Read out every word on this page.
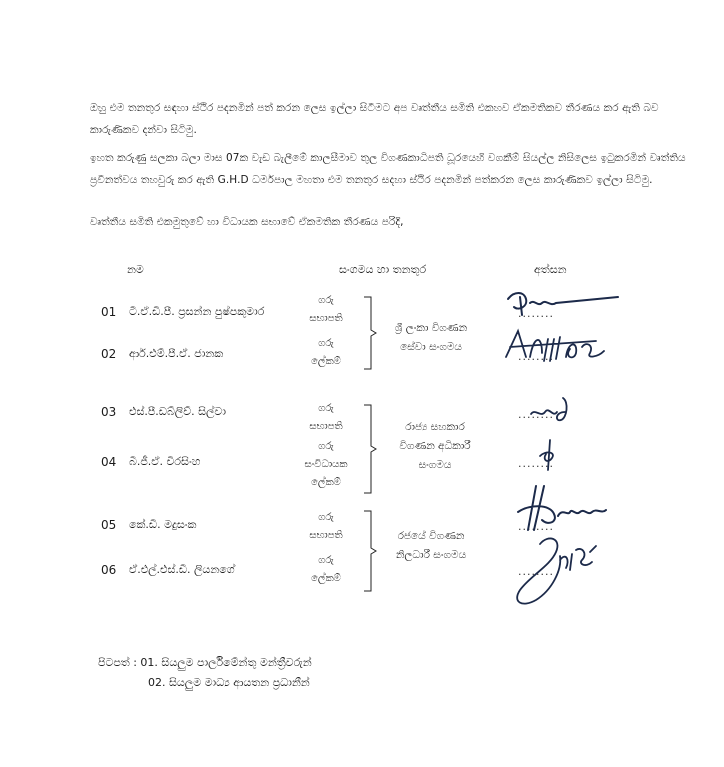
ඔහු එම තනතුර සඳහා ස්ථිර පදනමින් පත් කරන ලෙස ඉල්ලා සිටීමට අප වෘත්තීය සමිති එකහව ඒකමතිකව තීරණය කර ඇති බව කාරුණිකව දන්වා සිටිමු.
ඉහත කරුණු සලකා බලා මාස 07ක වැඩ බැලීමේ කාලසීමාව තුල විගණකාධිපති ධූරයෙහි වගකීම් සියල්ල නිසිලෙස ඉටුකරමින් වෘත්තිය ප්‍රවීනත්වය තහවුරු කර ඇති G.H.D ධර්මපාල මහතා එම තනතුර සදහා ස්ථිර පදනමින් පත්කරන ලෙස කාරුණිකව ඉල්ලා සිටිමු.
වෘත්තීය සමිති එකමුතුවේ හා විධායක සභාවේ ඒකමතික තීරණය පරිදි,
නම	සංගමය හා තනතුර	අත්සන
01 ටී.ඒ.ඩී.පී. ප්‍රසන්න පුෂ්පකුමාර
02 ආර්.එම්.පී.ඒ. ජානක
03 එස්.පී.ඩබ්ලිව්. සිල්වා
04 බී.ජී.ඒ. වීරසිංහ
05 කේ.ඩී. මදුසංක
06 ඒ.එල්.එස්.ඩී. ලියනගේ
ගරු
සභාපති
ගරු
ලේකම්
ගරු
සභාපති
ගරු
සංවිධායක
ලේකම්
ගරු
සභාපති
ගරු
ලේකම්
ශ්‍රී ලංකා විගණන
සේවා සංගමය
රාජ්‍ය සහකාර
විගණන අධිකාරී
සංගමය
රජයේ විගණන
නිලධාරී සංගමය
........
........
........
........
........
........
පිටපත් : 01. සියලුම පාර්ලිමේන්තු මන්ත්‍රීවරුන්
02. සියලුම මාධ්‍ය ආයතන ප්‍රධානීන්
